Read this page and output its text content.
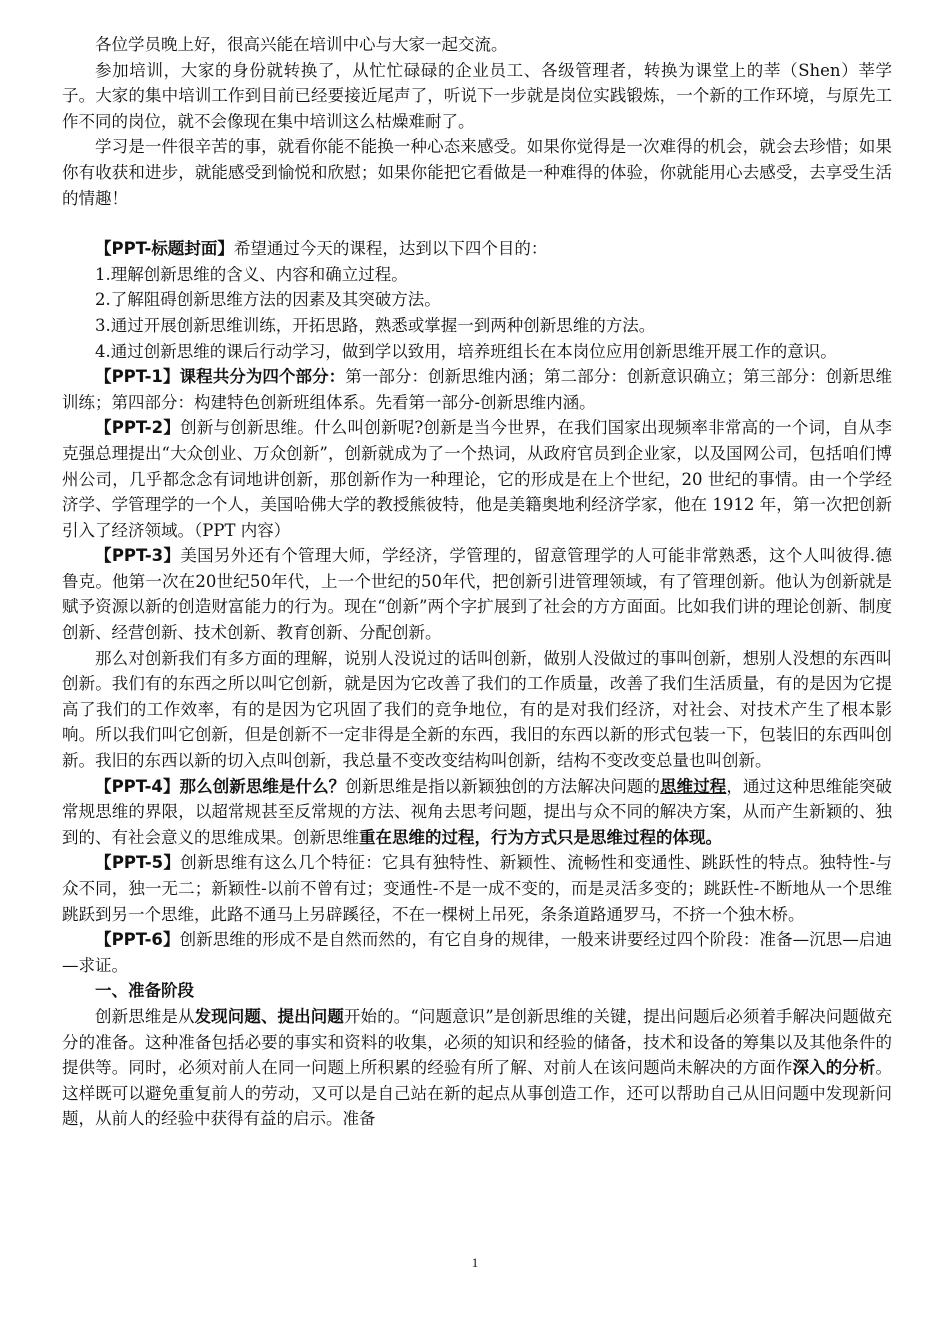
各位学员晚上好，很高兴能在培训中心与大家一起交流。

参加培训，大家的身份就转换了，从忙忙碌碌的企业员工、各级管理者，转换为课堂上的莘（Shen）莘学子。大家的集中培训工作到目前已经要接近尾声了，听说下一步就是岗位实践锻炼，一个新的工作环境，与原先工作不同的岗位，就不会像现在集中培训这么枯燥难耐了。

学习是一件很辛苦的事，就看你能不能换一种心态来感受。如果你觉得是一次难得的机会，就会去珍惜；如果你有收获和进步，就能感受到愉悦和欣慰；如果你能把它看做是一种难得的体验，你就能用心去感受，去享受生活的情趣！

【PPT-标题封面】希望通过今天的课程，达到以下四个目的：

1.理解创新思维的含义、内容和确立过程。

2.了解阻碍创新思维方法的因素及其突破方法。

3.通过开展创新思维训练，开拓思路，熟悉或掌握一到两种创新思维的方法。

4.通过创新思维的课后行动学习，做到学以致用，培养班组长在本岗位应用创新思维开展工作的意识。

【PPT-1】课程共分为四个部分：第一部分：创新思维内涵；第二部分：创新意识确立；第三部分：创新思维训练；第四部分：构建特色创新班组体系。先看第一部分-创新思维内涵。

【PPT-2】创新与创新思维。什么叫创新呢?创新是当今世界，在我们国家出现频率非常高的一个词，自从李克强总理提出“大众创业、万众创新”，创新就成为了一个热词，从政府官员到企业家，以及国网公司，包括咱们博州公司，几乎都念念有词地讲创新，那创新作为一种理论，它的形成是在上个世纪，20 世纪的事情。由一个学经济学、学管理学的一个人，美国哈佛大学的教授熊彼特，他是美籍奥地利经济学家，他在 1912 年，第一次把创新引入了经济领域。（PPT 内容）

【PPT-3】美国另外还有个管理大师，学经济，学管理的，留意管理学的人可能非常熟悉，这个人叫彼得.德鲁克。他第一次在20世纪50年代，上一个世纪的50年代，把创新引进管理领域，有了管理创新。他认为创新就是赋予资源以新的创造财富能力的行为。现在“创新”两个字扩展到了社会的方方面面。比如我们讲的理论创新、制度创新、经营创新、技术创新、教育创新、分配创新。

那么对创新我们有多方面的理解，说别人没说过的话叫创新，做别人没做过的事叫创新，想别人没想的东西叫创新。我们有的东西之所以叫它创新，就是因为它改善了我们的工作质量，改善了我们生活质量，有的是因为它提高了我们的工作效率，有的是因为它巩固了我们的竞争地位，有的是对我们经济，对社会、对技术产生了根本影响。所以我们叫它创新，但是创新不一定非得是全新的东西，我旧的东西以新的形式包装一下，包装旧的东西叫创新。我旧的东西以新的切入点叫创新，我总量不变改变结构叫创新，结构不变改变总量也叫创新。

【PPT-4】那么创新思维是什么？创新思维是指以新颖独创的方法解决问题的思维过程，通过这种思维能突破常规思维的界限，以超常规甚至反常规的方法、视角去思考问题，提出与众不同的解决方案，从而产生新颖的、独到的、有社会意义的思维成果。创新思维重在思维的过程，行为方式只是思维过程的体现。

【PPT-5】创新思维有这么几个特征：它具有独特性、新颖性、流畅性和变通性、跳跃性的特点。独特性-与众不同，独一无二；新颖性-以前不曾有过；变通性-不是一成不变的，而是灵活多变的；跳跃性-不断地从一个思维跳跃到另一个思维，此路不通马上另辟蹊径，不在一棵树上吊死，条条道路通罗马，不挤一个独木桥。

【PPT-6】创新思维的形成不是自然而然的，有它自身的规律，一般来讲要经过四个阶段：准备—沉思—启迪—求证。

一、准备阶段

创新思维是从发现问题、提出问题开始的。“问题意识”是创新思维的关键，提出问题后必须着手解决问题做充分的准备。这种准备包括必要的事实和资料的收集，必须的知识和经验的储备，技术和设备的筹集以及其他条件的提供等。同时，必须对前人在同一问题上所积累的经验有所了解、对前人在该问题尚未解决的方面作深入的分析。这样既可以避免重复前人的劳动，又可以是自己站在新的起点从事创造工作，还可以帮助自己从旧问题中发现新问题，从前人的经验中获得有益的启示。准备

1
